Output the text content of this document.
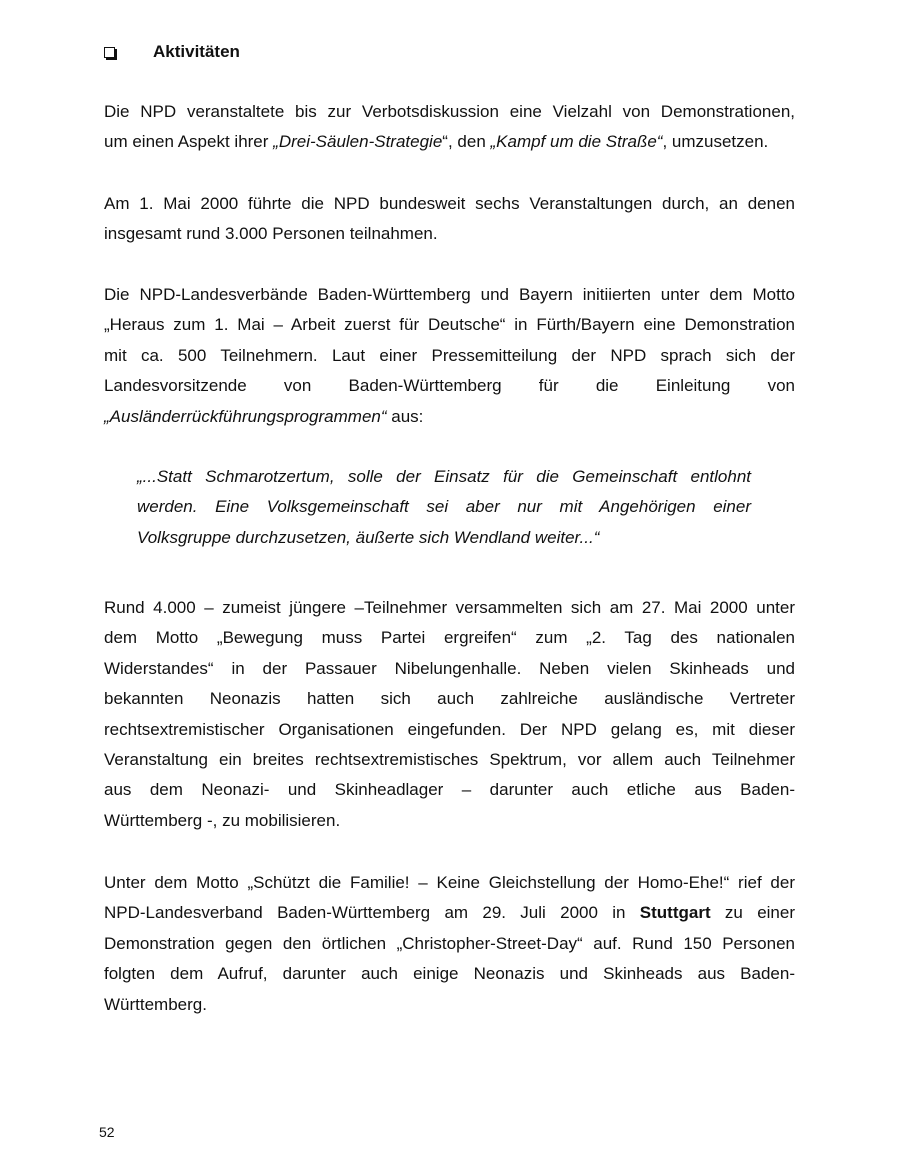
Aktivitäten

Die NPD veranstaltete bis zur Verbotsdiskussion eine Vielzahl von Demonstrationen,
um einen Aspekt ihrer „Drei-Säulen-Strategie“, den „Kampf um die Straße“, umzusetzen.

Am 1. Mai 2000 führte die NPD bundesweit sechs Veranstaltungen durch, an denen
insgesamt rund 3.000 Personen teilnahmen.

Die NPD-Landesverbände Baden-Württemberg und Bayern initiierten unter dem Motto
„Heraus zum 1. Mai – Arbeit zuerst für Deutsche“ in Fürth/Bayern eine Demonstration
mit ca. 500 Teilnehmern. Laut einer Pressemitteilung der NPD sprach sich der
Landesvorsitzende von Baden-Württemberg für die Einleitung von
„Ausländerrückführungsprogrammen“ aus:

„...Statt Schmarotzertum, solle der Einsatz für die Gemeinschaft entlohnt
werden. Eine Volksgemeinschaft sei aber nur mit Angehörigen einer
Volksgruppe durchzusetzen, äußerte sich Wendland weiter...“

Rund 4.000 – zumeist jüngere –Teilnehmer versammelten sich am 27. Mai 2000 unter
dem Motto „Bewegung muss Partei ergreifen“ zum „2. Tag des nationalen
Widerstandes“ in der Passauer Nibelungenhalle. Neben vielen Skinheads und
bekannten Neonazis hatten sich auch zahlreiche ausländische Vertreter
rechtsextremistischer Organisationen eingefunden. Der NPD gelang es, mit dieser
Veranstaltung ein breites rechtsextremistisches Spektrum, vor allem auch Teilnehmer
aus dem Neonazi- und Skinheadlager – darunter auch etliche aus Baden-
Württemberg -, zu mobilisieren.

Unter dem Motto „Schützt die Familie! – Keine Gleichstellung der Homo-Ehe!“ rief der
NPD-Landesverband Baden-Württemberg am 29. Juli 2000 in Stuttgart zu einer
Demonstration gegen den örtlichen „Christopher-Street-Day“ auf. Rund 150 Personen
folgten dem Aufruf, darunter auch einige Neonazis und Skinheads aus Baden-
Württemberg.

52
